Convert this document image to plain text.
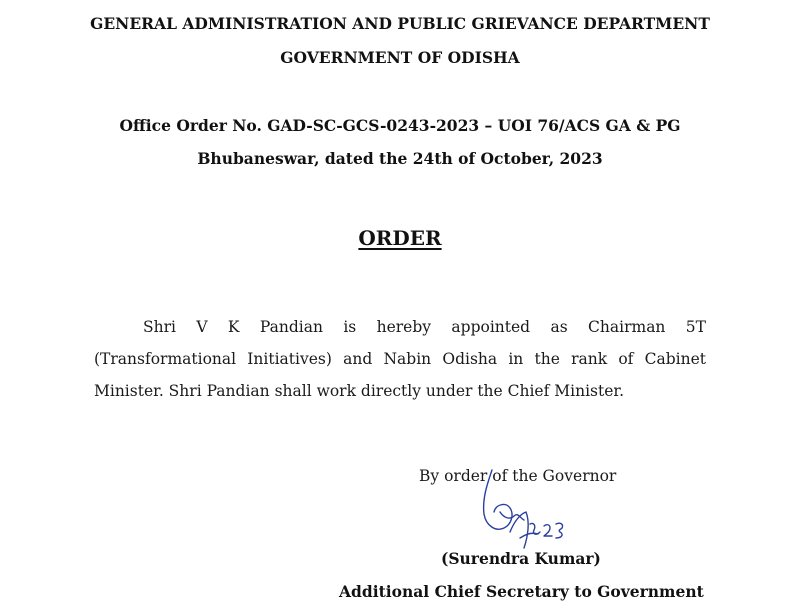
GENERAL ADMINISTRATION AND PUBLIC GRIEVANCE DEPARTMENT
GOVERNMENT OF ODISHA
Office Order No. GAD-SC-GCS-0243-2023 – UOI 76/ACS GA & PG
Bhubaneswar, dated the 24th of October, 2023
ORDER

Shri V K Pandian is hereby appointed as Chairman 5T (Transformational Initiatives) and Nabin Odisha in the rank of Cabinet Minister. Shri Pandian shall work directly under the Chief Minister.

By order of the Governor
(Surendra Kumar)
Additional Chief Secretary to Government
